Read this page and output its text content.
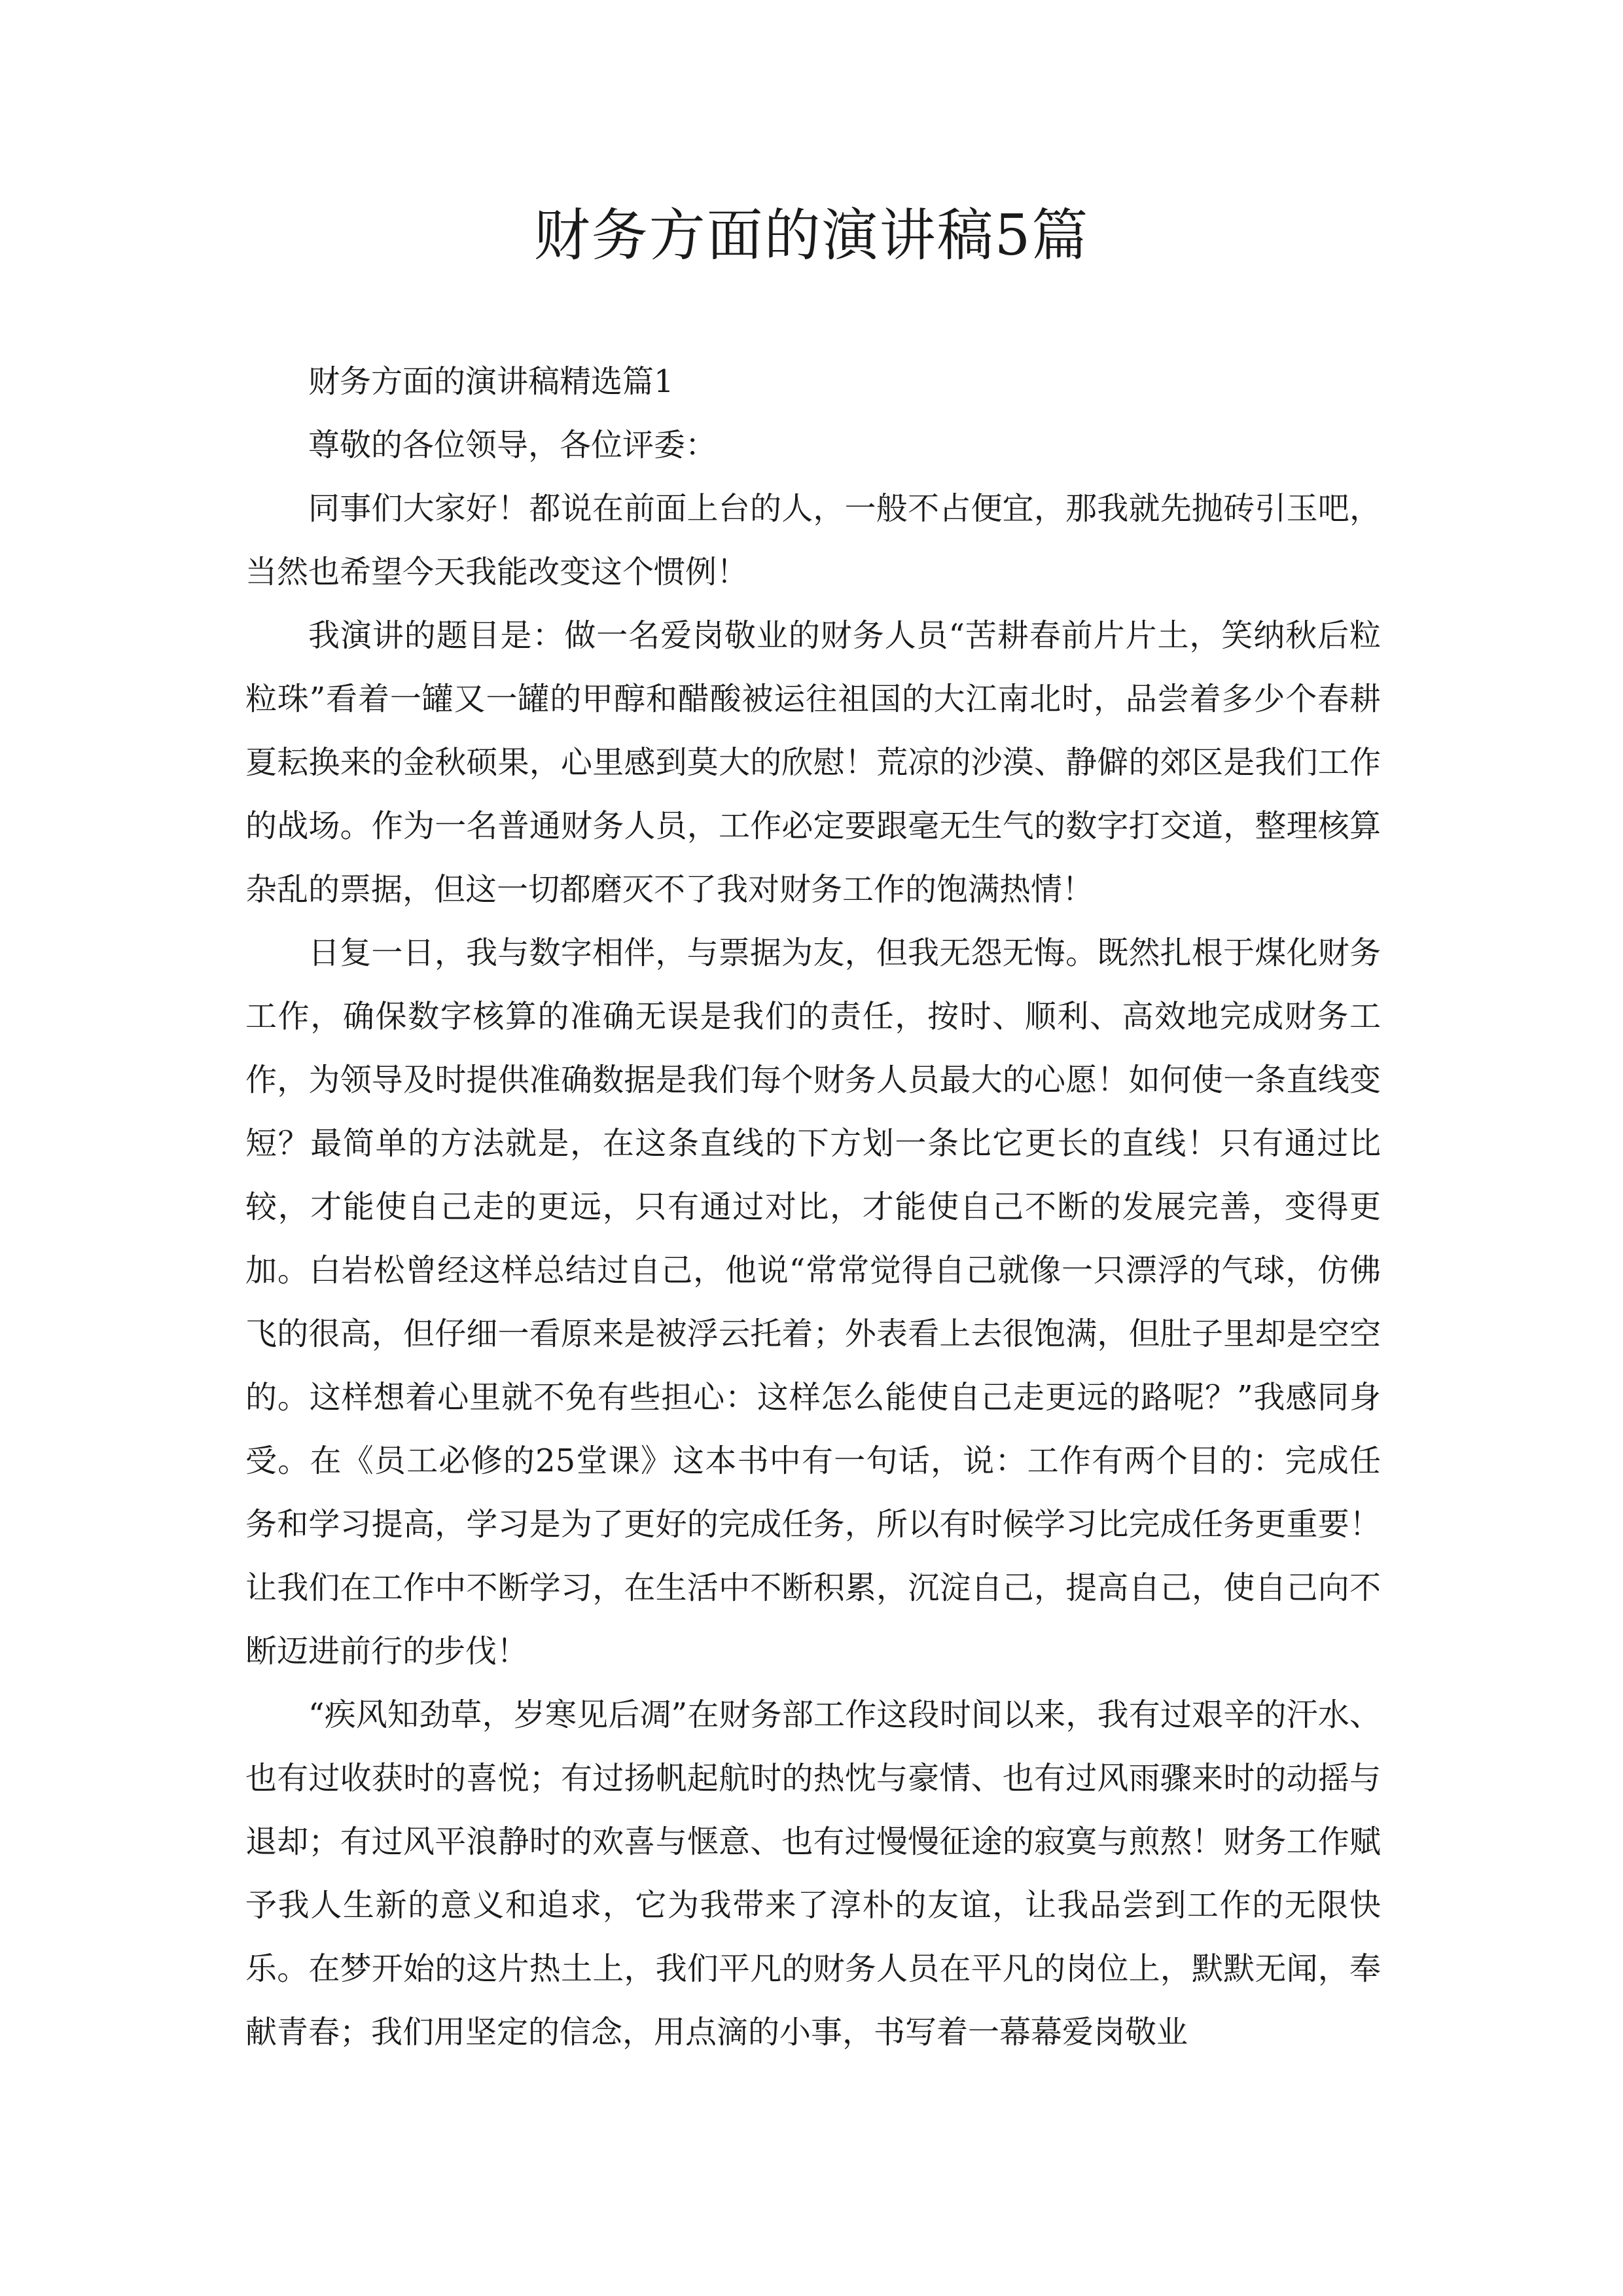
财务方面的演讲稿5篇

财务方面的演讲稿精选篇1

尊敬的各位领导，各位评委：

同事们大家好！都说在前面上台的人，一般不占便宜，那我就先抛砖引玉吧，当然也希望今天我能改变这个惯例！

我演讲的题目是：做一名爱岗敬业的财务人员“苦耕春前片片土，笑纳秋后粒粒珠”看着一罐又一罐的甲醇和醋酸被运往祖国的大江南北时，品尝着多少个春耕夏耘换来的金秋硕果，心里感到莫大的欣慰！荒凉的沙漠、静僻的郊区是我们工作的战场。作为一名普通财务人员，工作必定要跟毫无生气的数字打交道，整理核算杂乱的票据，但这一切都磨灭不了我对财务工作的饱满热情！

日复一日，我与数字相伴，与票据为友，但我无怨无悔。既然扎根于煤化财务工作，确保数字核算的准确无误是我们的责任，按时、顺利、高效地完成财务工作，为领导及时提供准确数据是我们每个财务人员最大的心愿！如何使一条直线变短？最简单的方法就是，在这条直线的下方划一条比它更长的直线！只有通过比较，才能使自己走的更远，只有通过对比，才能使自己不断的发展完善，变得更加。白岩松曾经这样总结过自己，他说“常常觉得自己就像一只漂浮的气球，仿佛飞的很高，但仔细一看原来是被浮云托着；外表看上去很饱满，但肚子里却是空空的。这样想着心里就不免有些担心：这样怎么能使自己走更远的路呢？”我感同身受。在《员工必修的25堂课》这本书中有一句话，说：工作有两个目的：完成任务和学习提高，学习是为了更好的完成任务，所以有时候学习比完成任务更重要！让我们在工作中不断学习，在生活中不断积累，沉淀自己，提高自己，使自己向不断迈进前行的步伐！

“疾风知劲草，岁寒见后凋”在财务部工作这段时间以来，我有过艰辛的汗水、也有过收获时的喜悦；有过扬帆起航时的热忱与豪情、也有过风雨骤来时的动摇与退却；有过风平浪静时的欢喜与惬意、也有过慢慢征途的寂寞与煎熬！财务工作赋予我人生新的意义和追求，它为我带来了淳朴的友谊，让我品尝到工作的无限快乐。在梦开始的这片热土上，我们平凡的财务人员在平凡的岗位上，默默无闻，奉献青春；我们用坚定的信念，用点滴的小事，书写着一幕幕爱岗敬业
